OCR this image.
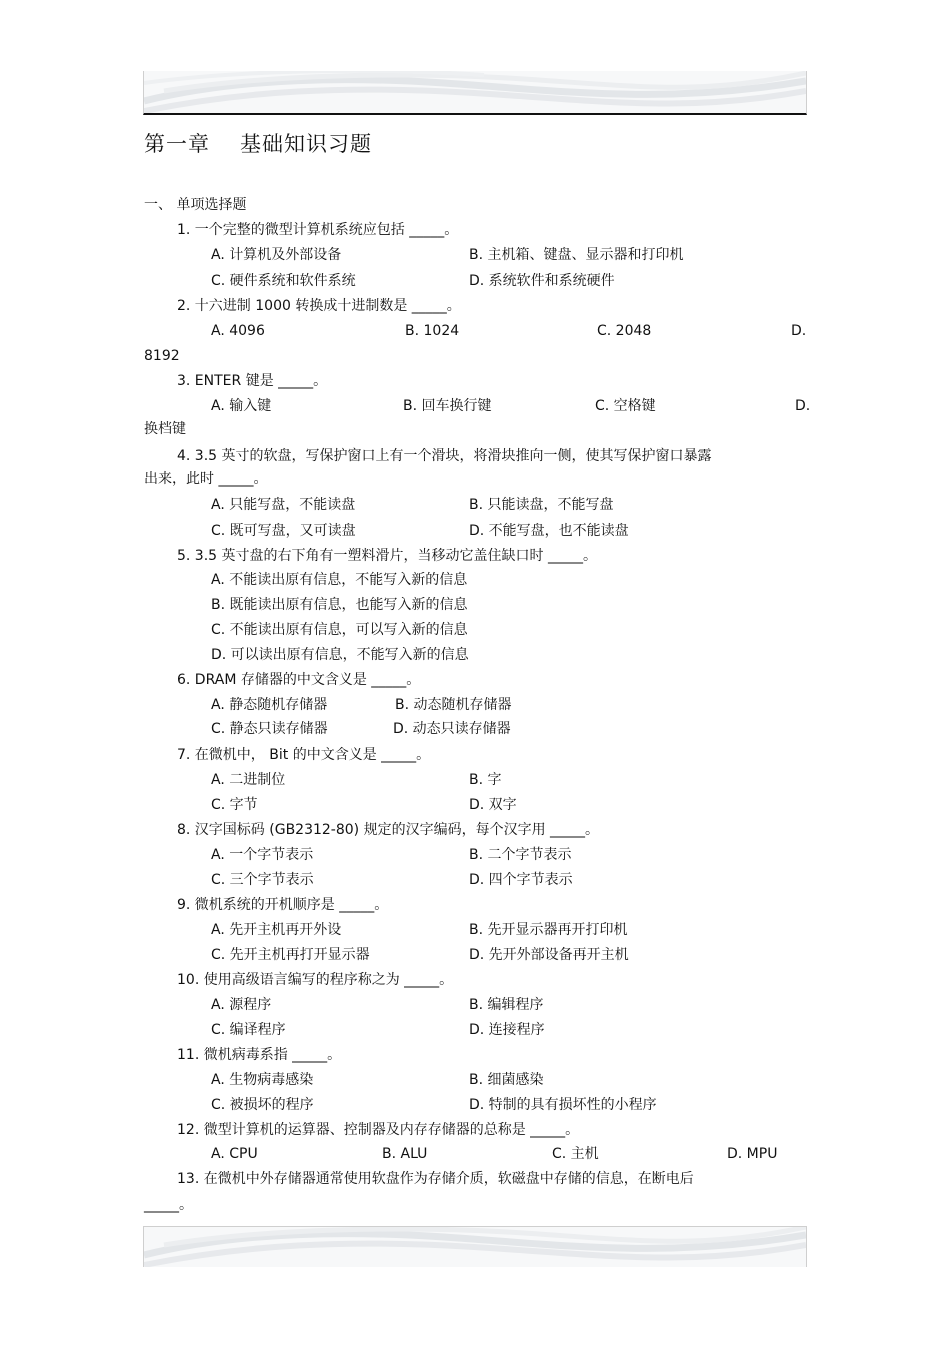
第一章 基础知识习题
一、 单项选择题
1. 一个完整的微型计算机系统应包括 _____。
A. 计算机及外部设备	B. 主机箱、键盘、显示器和打印机
C. 硬件系统和软件系统	D. 系统软件和系统硬件
2. 十六进制 1000 转换成十进制数是 _____。
A. 4096	B. 1024	C. 2048	D.
8192
3. ENTER 键是 _____。
A. 输入键	B. 回车换行键	C. 空格键	D.
换档键
4. 3.5 英寸的软盘，写保护窗口上有一个滑块，将滑块推向一侧，使其写保护窗口暴露
出来，此时 _____。
A. 只能写盘，不能读盘	B. 只能读盘，不能写盘
C. 既可写盘，又可读盘	D. 不能写盘，也不能读盘
5. 3.5 英寸盘的右下角有一塑料滑片，当移动它盖住缺口时 _____。
A. 不能读出原有信息，不能写入新的信息
B. 既能读出原有信息，也能写入新的信息
C. 不能读出原有信息，可以写入新的信息
D. 可以读出原有信息，不能写入新的信息
6. DRAM 存储器的中文含义是 _____。
A. 静态随机存储器	B. 动态随机存储器
C. 静态只读存储器	D. 动态只读存储器
7. 在微机中， Bit 的中文含义是 _____。
A. 二进制位	B. 字
C. 字节	D. 双字
8. 汉字国标码 (GB2312-80) 规定的汉字编码，每个汉字用 _____。
A. 一个字节表示	B. 二个字节表示
C. 三个字节表示	D. 四个字节表示
9. 微机系统的开机顺序是 _____。
A. 先开主机再开外设	B. 先开显示器再开打印机
C. 先开主机再打开显示器	D. 先开外部设备再开主机
10. 使用高级语言编写的程序称之为 _____。
A. 源程序	B. 编辑程序
C. 编译程序	D. 连接程序
11. 微机病毒系指 _____。
A. 生物病毒感染	B. 细菌感染
C. 被损坏的程序	D. 特制的具有损坏性的小程序
12. 微型计算机的运算器、控制器及内存存储器的总称是 _____。
A. CPU	B. ALU	C. 主机	D. MPU
13. 在微机中外存储器通常使用软盘作为存储介质，软磁盘中存储的信息，在断电后
_____。
